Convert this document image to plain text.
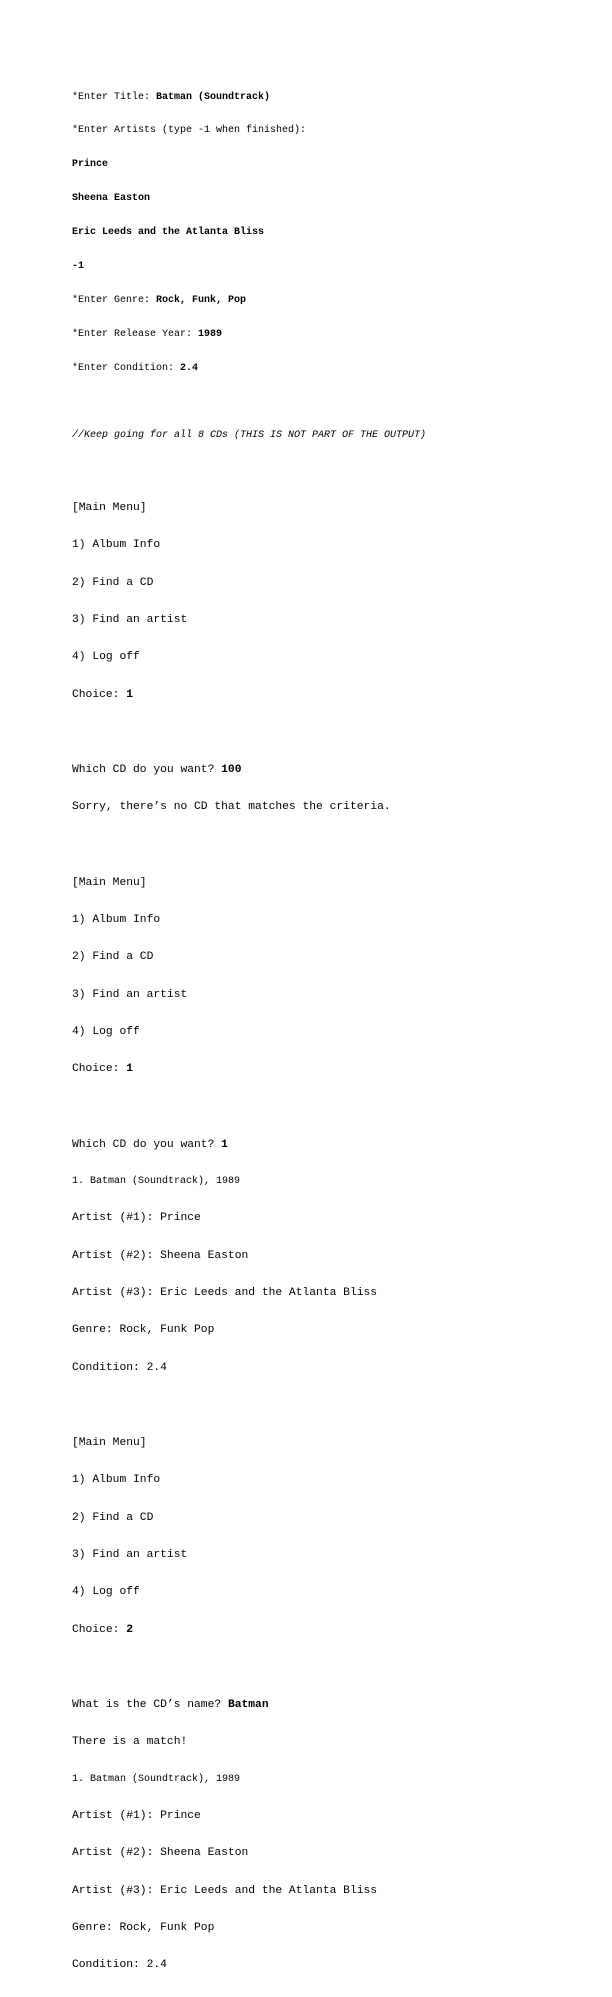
*Enter Title: Batman (Soundtrack)

*Enter Artists (type -1 when finished):

Prince

Sheena Easton

Eric Leeds and the Atlanta Bliss

-1

*Enter Genre: Rock, Funk, Pop

*Enter Release Year: 1989

*Enter Condition: 2.4

//Keep going for all 8 CDs (THIS IS NOT PART OF THE OUTPUT)

[Main Menu]

1) Album Info

2) Find a CD

3) Find an artist

4) Log off

Choice: 1

Which CD do you want? 100

Sorry, there’s no CD that matches the criteria.

[Main Menu]

1) Album Info

2) Find a CD

3) Find an artist

4) Log off

Choice: 1

Which CD do you want? 1

1. Batman (Soundtrack), 1989

Artist (#1): Prince

Artist (#2): Sheena Easton

Artist (#3): Eric Leeds and the Atlanta Bliss

Genre: Rock, Funk Pop

Condition: 2.4

[Main Menu]

1) Album Info

2) Find a CD

3) Find an artist

4) Log off

Choice: 2

What is the CD’s name? Batman

There is a match!

1. Batman (Soundtrack), 1989

Artist (#1): Prince

Artist (#2): Sheena Easton

Artist (#3): Eric Leeds and the Atlanta Bliss

Genre: Rock, Funk Pop

Condition: 2.4
